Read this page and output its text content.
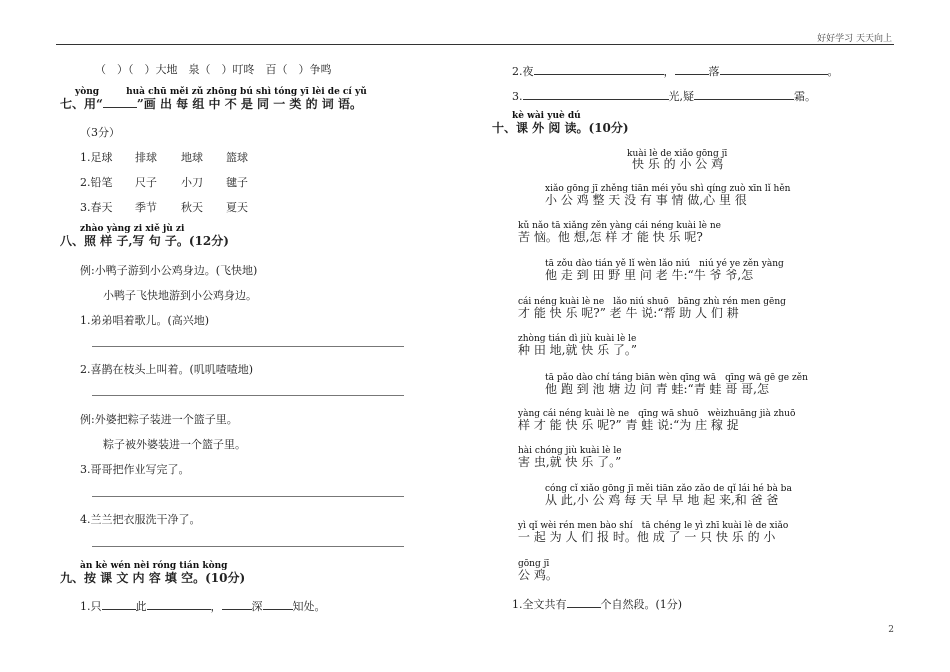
好好学习 天天向上
（　）（　）大地　泉（　）叮咚　百（　）争鸣
yòng　　　huà chū měi zǔ zhōng bú shì tóng yī lèi de cí yǔ
七、用“	”画 出 每 组 中 不 是 同 一 类 的 词 语。
（3分）
1.足球 排球 地球 篮球
2.铅笔 尺子 小刀 毽子
3.春天 季节 秋天 夏天
zhào yàng zi xiě jù zi
八、照 样 子,写 句 子。(12分)
例:小鸭子游到小公鸡身边。(飞快地)
小鸭子飞快地游到小公鸡身边。
1.弟弟唱着歌儿。(高兴地)
2.喜鹊在枝头上叫着。(叽叽喳喳地)
例:外婆把粽子装进一个篮子里。
粽子被外婆装进一个篮子里。
3.哥哥把作业写完了。
4.兰兰把衣服洗干净了。
àn kè wén nèi róng tián kòng
九、按 课 文 内 容 填 空。(10分)
1.只	此	，	深	知处。
2.夜	，	落	。
3.	光,疑	霜。
kè wài yuè dú
十、课 外 阅 读。(10分)
kuài lè de xiǎo gōng jī
快 乐 的 小 公 鸡
xiǎo gōng jī zhěng tiān méi yǒu shì qíng zuò xīn lǐ hěn
小 公 鸡 整 天 没 有 事 情 做,心 里 很
kǔ nǎo tā xiǎng zěn yàng cái néng kuài lè ne
苦 恼。他 想,怎 样 才 能 快 乐 呢?
tā zǒu dào tián yě lǐ wèn lǎo niú　niú yé ye zěn yàng
他 走 到 田 野 里 问 老 牛:“牛 爷 爷,怎
cái néng kuài lè ne　lǎo niú shuō　bāng zhù rén men gēng
才 能 快 乐 呢?” 老 牛 说:“帮 助 人 们 耕
zhòng tián dì jiù kuài lè le
种 田 地,就 快 乐 了。”
tā pǎo dào chí táng biān wèn qīng wā　qīng wā gē ge zěn
他 跑 到 池 塘 边 问 青 蛙:“青 蛙 哥 哥,怎
yàng cái néng kuài lè ne　qīng wā shuō　wèizhuāng jià zhuō
样 才 能 快 乐 呢?” 青 蛙 说:“为 庄 稼 捉
hài chóng jiù kuài lè le
害 虫,就 快 乐 了。”
cóng cǐ xiǎo gōng jī měi tiān zǎo zǎo de qǐ lái hé bà ba
从 此,小 公 鸡 每 天 早 早 地 起 来,和 爸 爸
yì qǐ wèi rén men bào shí　tā chéng le yì zhī kuài lè de xiǎo
一 起 为 人 们 报 时。他 成 了 一 只 快 乐 的 小
gōng jī
公 鸡。
1.全文共有	个自然段。(1分)
2
